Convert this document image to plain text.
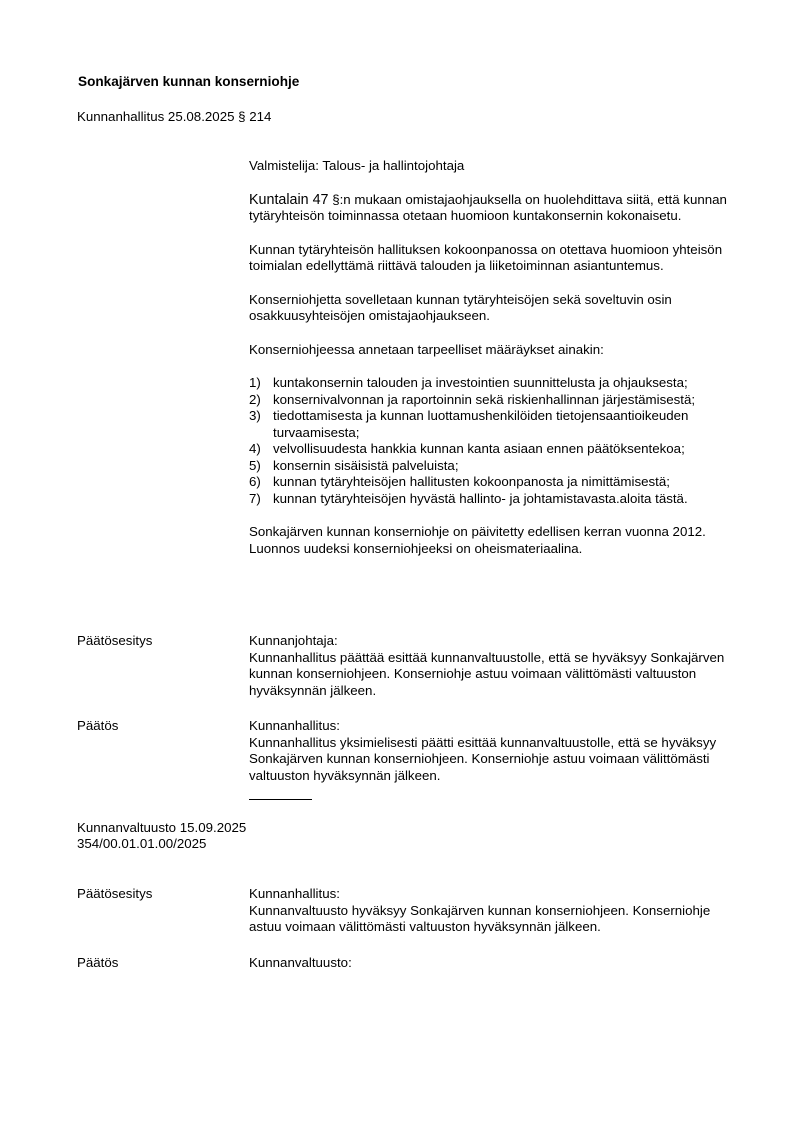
Sonkajärven kunnan konserniohje
Kunnanhallitus 25.08.2025 § 214
Valmistelija: Talous- ja hallintojohtaja
Kuntalain 47 §:n mukaan omistajaohjauksella on huolehdittava siitä, että kunnan tytäryhteisön toiminnassa otetaan huomioon kuntakonsernin kokonaisetu.
Kunnan tytäryhteisön hallituksen kokoonpanossa on otettava huomioon yhteisön toimialan edellyttämä riittävä talouden ja liiketoiminnan asiantuntemus.
Konserniohjetta sovelletaan kunnan tytäryhteisöjen sekä soveltuvin osin osakkuusyhteisöjen omistajaohjaukseen.
Konserniohjeessa annetaan tarpeelliset määräykset ainakin:
1) kuntakonsernin talouden ja investointien suunnittelusta ja ohjauksesta;
2) konsernivalvonnan ja raportoinnin sekä riskienhallinnan järjestämisestä;
3) tiedottamisesta ja kunnan luottamushenkilöiden tietojensaantioikeuden turvaamisesta;
4) velvollisuudesta hankkia kunnan kanta asiaan ennen päätöksentekoa;
5) konsernin sisäisistä palveluista;
6) kunnan tytäryhteisöjen hallitusten kokoonpanosta ja nimittämisestä;
7) kunnan tytäryhteisöjen hyvästä hallinto- ja johtamistavasta.aloita tästä.
Sonkajärven kunnan konserniohje on päivitetty edellisen kerran vuonna 2012. Luonnos uudeksi konserniohjeeksi on oheismateriaalina.
Päätösesitys	Kunnanjohtaja:
Kunnanhallitus päättää esittää kunnanvaltuustolle, että se hyväksyy Sonkajärven kunnan konserniohjeen. Konserniohje astuu voimaan välittömästi valtuuston hyväksynnän jälkeen.
Päätös	Kunnanhallitus:
Kunnanhallitus yksimielisesti päätti esittää kunnanvaltuustolle, että se hyväksyy Sonkajärven kunnan konserniohjeen. Konserniohje astuu voimaan välittömästi valtuuston hyväksynnän jälkeen.
Kunnanvaltuusto 15.09.2025
354/00.01.01.00/2025
Päätösesitys	Kunnanhallitus:
Kunnanvaltuusto hyväksyy Sonkajärven kunnan konserniohjeen. Konserniohje astuu voimaan välittömästi valtuuston hyväksynnän jälkeen.
Päätös	Kunnanvaltuusto:
